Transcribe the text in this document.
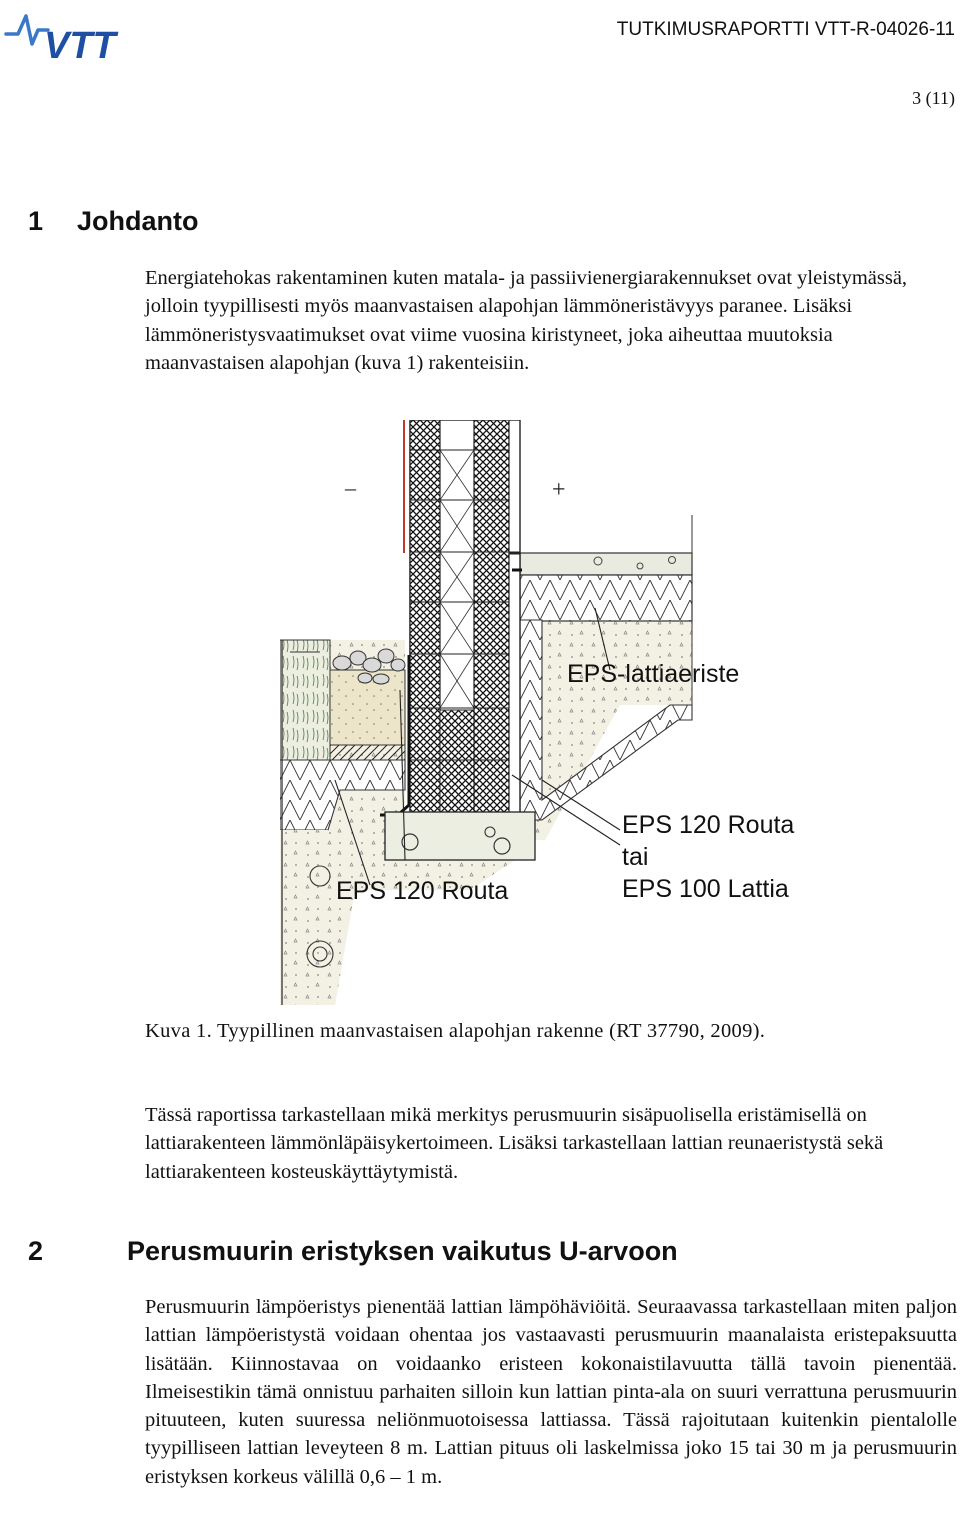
VTT	TUTKIMUSRAPORTTI VTT-R-04026-11
3 (11)
1 Johdanto

Energiatehokas rakentaminen kuten matala- ja passiivienergiarakennukset ovat yleistymässä, jolloin tyypillisesti myös maanvastaisen alapohjan lämmöneristävyys paranee. Lisäksi lämmöneristysvaatimukset ovat viime vuosina kiristyneet, joka aiheuttaa muutoksia maanvastaisen alapohjan (kuva 1) rakenteisiin.

–	+
EPS-lattiaeriste
EPS 120 Routa
tai
EPS 100 Lattia
EPS 120 Routa
Kuva 1. Tyypillinen maanvastaisen alapohjan rakenne (RT 37790, 2009).

Tässä raportissa tarkastellaan mikä merkitys perusmuurin sisäpuolisella eristämisellä on lattiarakenteen lämmönläpäisykertoimeen. Lisäksi tarkastellaan lattian reunaeristystä sekä lattiarakenteen kosteuskäyttäytymistä.

2	Perusmuurin eristyksen vaikutus U-arvoon

Perusmuurin lämpöeristys pienentää lattian lämpöhäviöitä. Seuraavassa tarkastellaan miten paljon lattian lämpöeristystä voidaan ohentaa jos vastaavasti perusmuurin maanalaista eristepaksuutta lisätään. Kiinnostavaa on voidaanko eristeen kokonaistilavuutta tällä tavoin pienentää. Ilmeisestikin tämä onnistuu parhaiten silloin kun lattian pinta-ala on suuri verrattuna perusmuurin pituuteen, kuten suuressa neliönmuotoisessa lattiassa. Tässä rajoitutaan kuitenkin pientalolle tyypilliseen lattian leveyteen 8 m. Lattian pituus oli laskelmissa joko 15 tai 30 m ja perusmuurin eristyksen korkeus välillä 0,6 – 1 m.
